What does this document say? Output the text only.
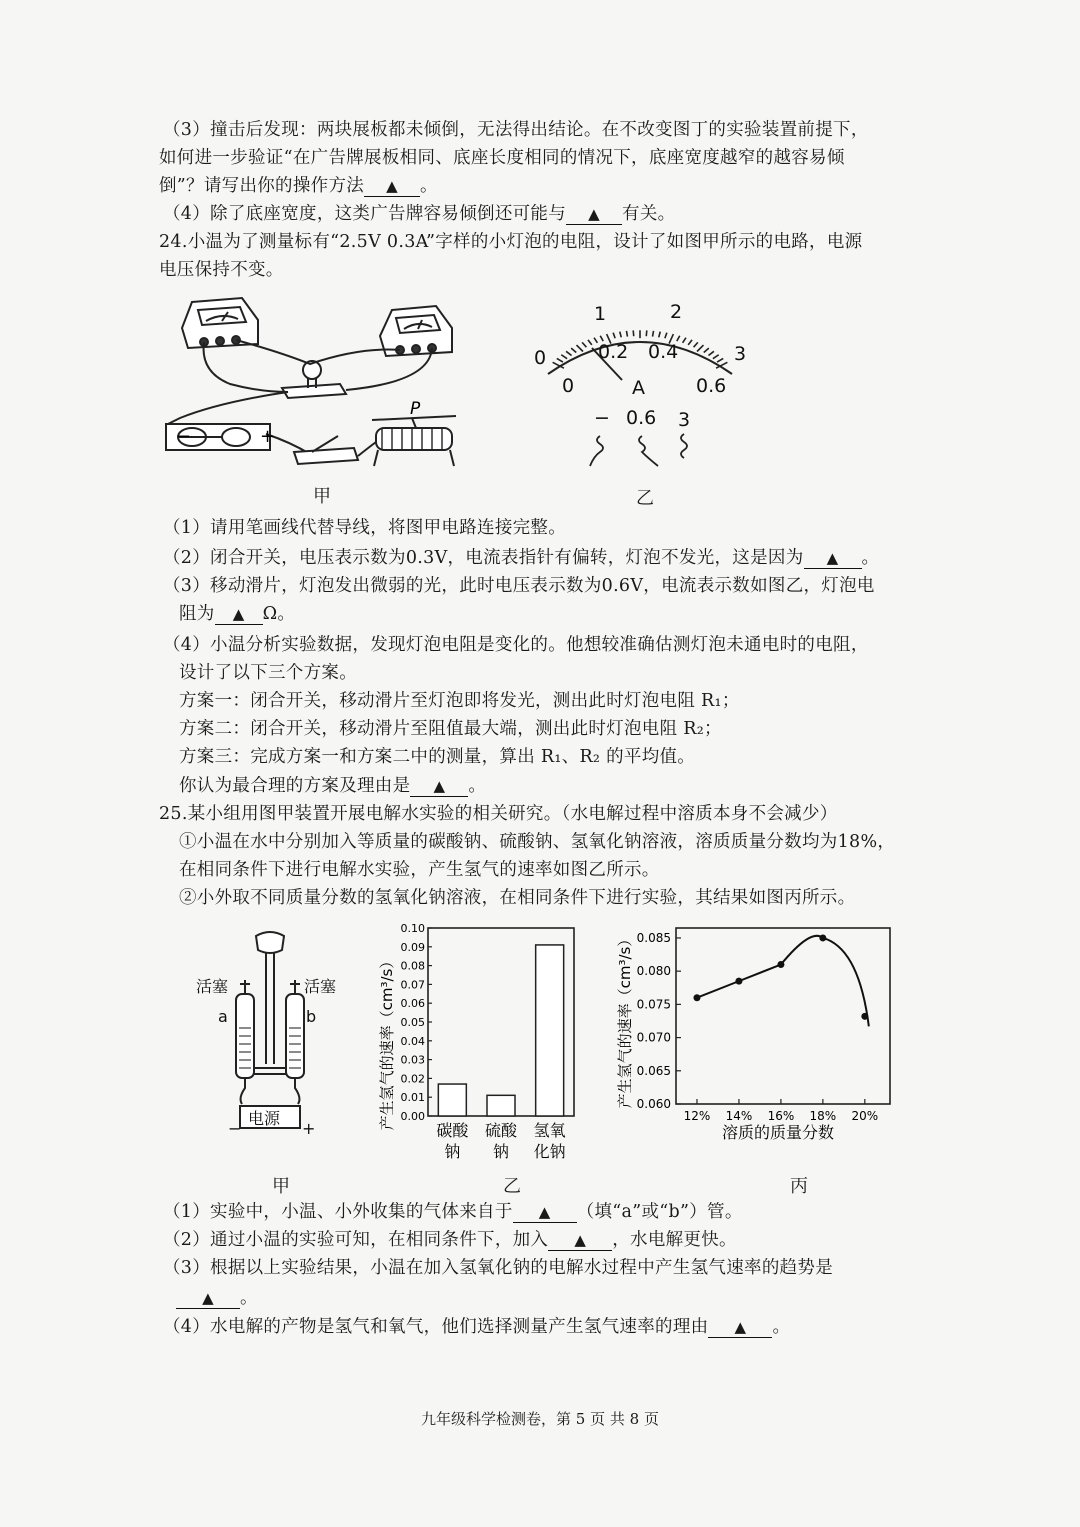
（3）撞击后发现：两块展板都未倾倒，无法得出结论。在不改变图丁的实验装置前提下，
如何进一步验证“在广告牌展板相同、底座长度相同的情况下，底座宽度越窄的越容易倾
倒”？请写出你的操作方法 ▲ 。
（4）除了底座宽度，这类广告牌容易倾倒还可能与 ▲ 有关。
24.小温为了测量标有“2.5V 0.3A”字样的小灯泡的电阻，设计了如图甲所示的电路，电源
电压保持不变。
−	+
P
甲
0
1	2
3
0
0.2 0.4
0.6
A
− 0.6 3
乙
（1）请用笔画线代替导线，将图甲电路连接完整。
（2）闭合开关，电压表示数为0.3V，电流表指针有偏转，灯泡不发光，这是因为 ▲ 。
（3）移动滑片，灯泡发出微弱的光，此时电压表示数为0.6V，电流表示数如图乙，灯泡电
阻为 ▲ Ω。
（4）小温分析实验数据，发现灯泡电阻是变化的。他想较准确估测灯泡未通电时的电阻，
设计了以下三个方案。
方案一：闭合开关，移动滑片至灯泡即将发光，测出此时灯泡电阻 R₁；
方案二：闭合开关，移动滑片至阻值最大端，测出此时灯泡电阻 R₂；
方案三：完成方案一和方案二中的测量，算出 R₁、R₂ 的平均值。
你认为最合理的方案及理由是 ▲ 。
25.某小组用图甲装置开展电解水实验的相关研究。（水电解过程中溶质本身不会减少）
①小温在水中分别加入等质量的碳酸钠、硫酸钠、氢氧化钠溶液，溶质质量分数均为18%，
在相同条件下进行电解水实验，产生氢气的速率如图乙所示。
②小外取不同质量分数的氢氧化钠溶液，在相同条件下进行实验，其结果如图丙所示。
活塞	活塞
a	b
电源
−	+
甲
产生氢气的速率（cm³/s） 0.00
0.01
0.02
0.03
0.04
0.05
0.06
0.07
0.08
0.09
0.10
碳酸
钠
硫酸
钠
氢氧
化钠
乙
产生氢气的速率（cm³/s） 0.060
0.065
0.070
0.075
0.080
0.085
12% 14% 16% 18% 20%
溶质的质量分数
丙
（1）实验中，小温、小外收集的气体来自于 ▲ （填“a”或“b”）管。
（2）通过小温的实验可知，在相同条件下，加入 ▲ ，水电解更快。
（3）根据以上实验结果，小温在加入氢氧化钠的电解水过程中产生氢气速率的趋势是
▲ 。
（4）水电解的产物是氢气和氧气，他们选择测量产生氢气速率的理由 ▲ 。
九年级科学检测卷，第 5 页 共 8 页
